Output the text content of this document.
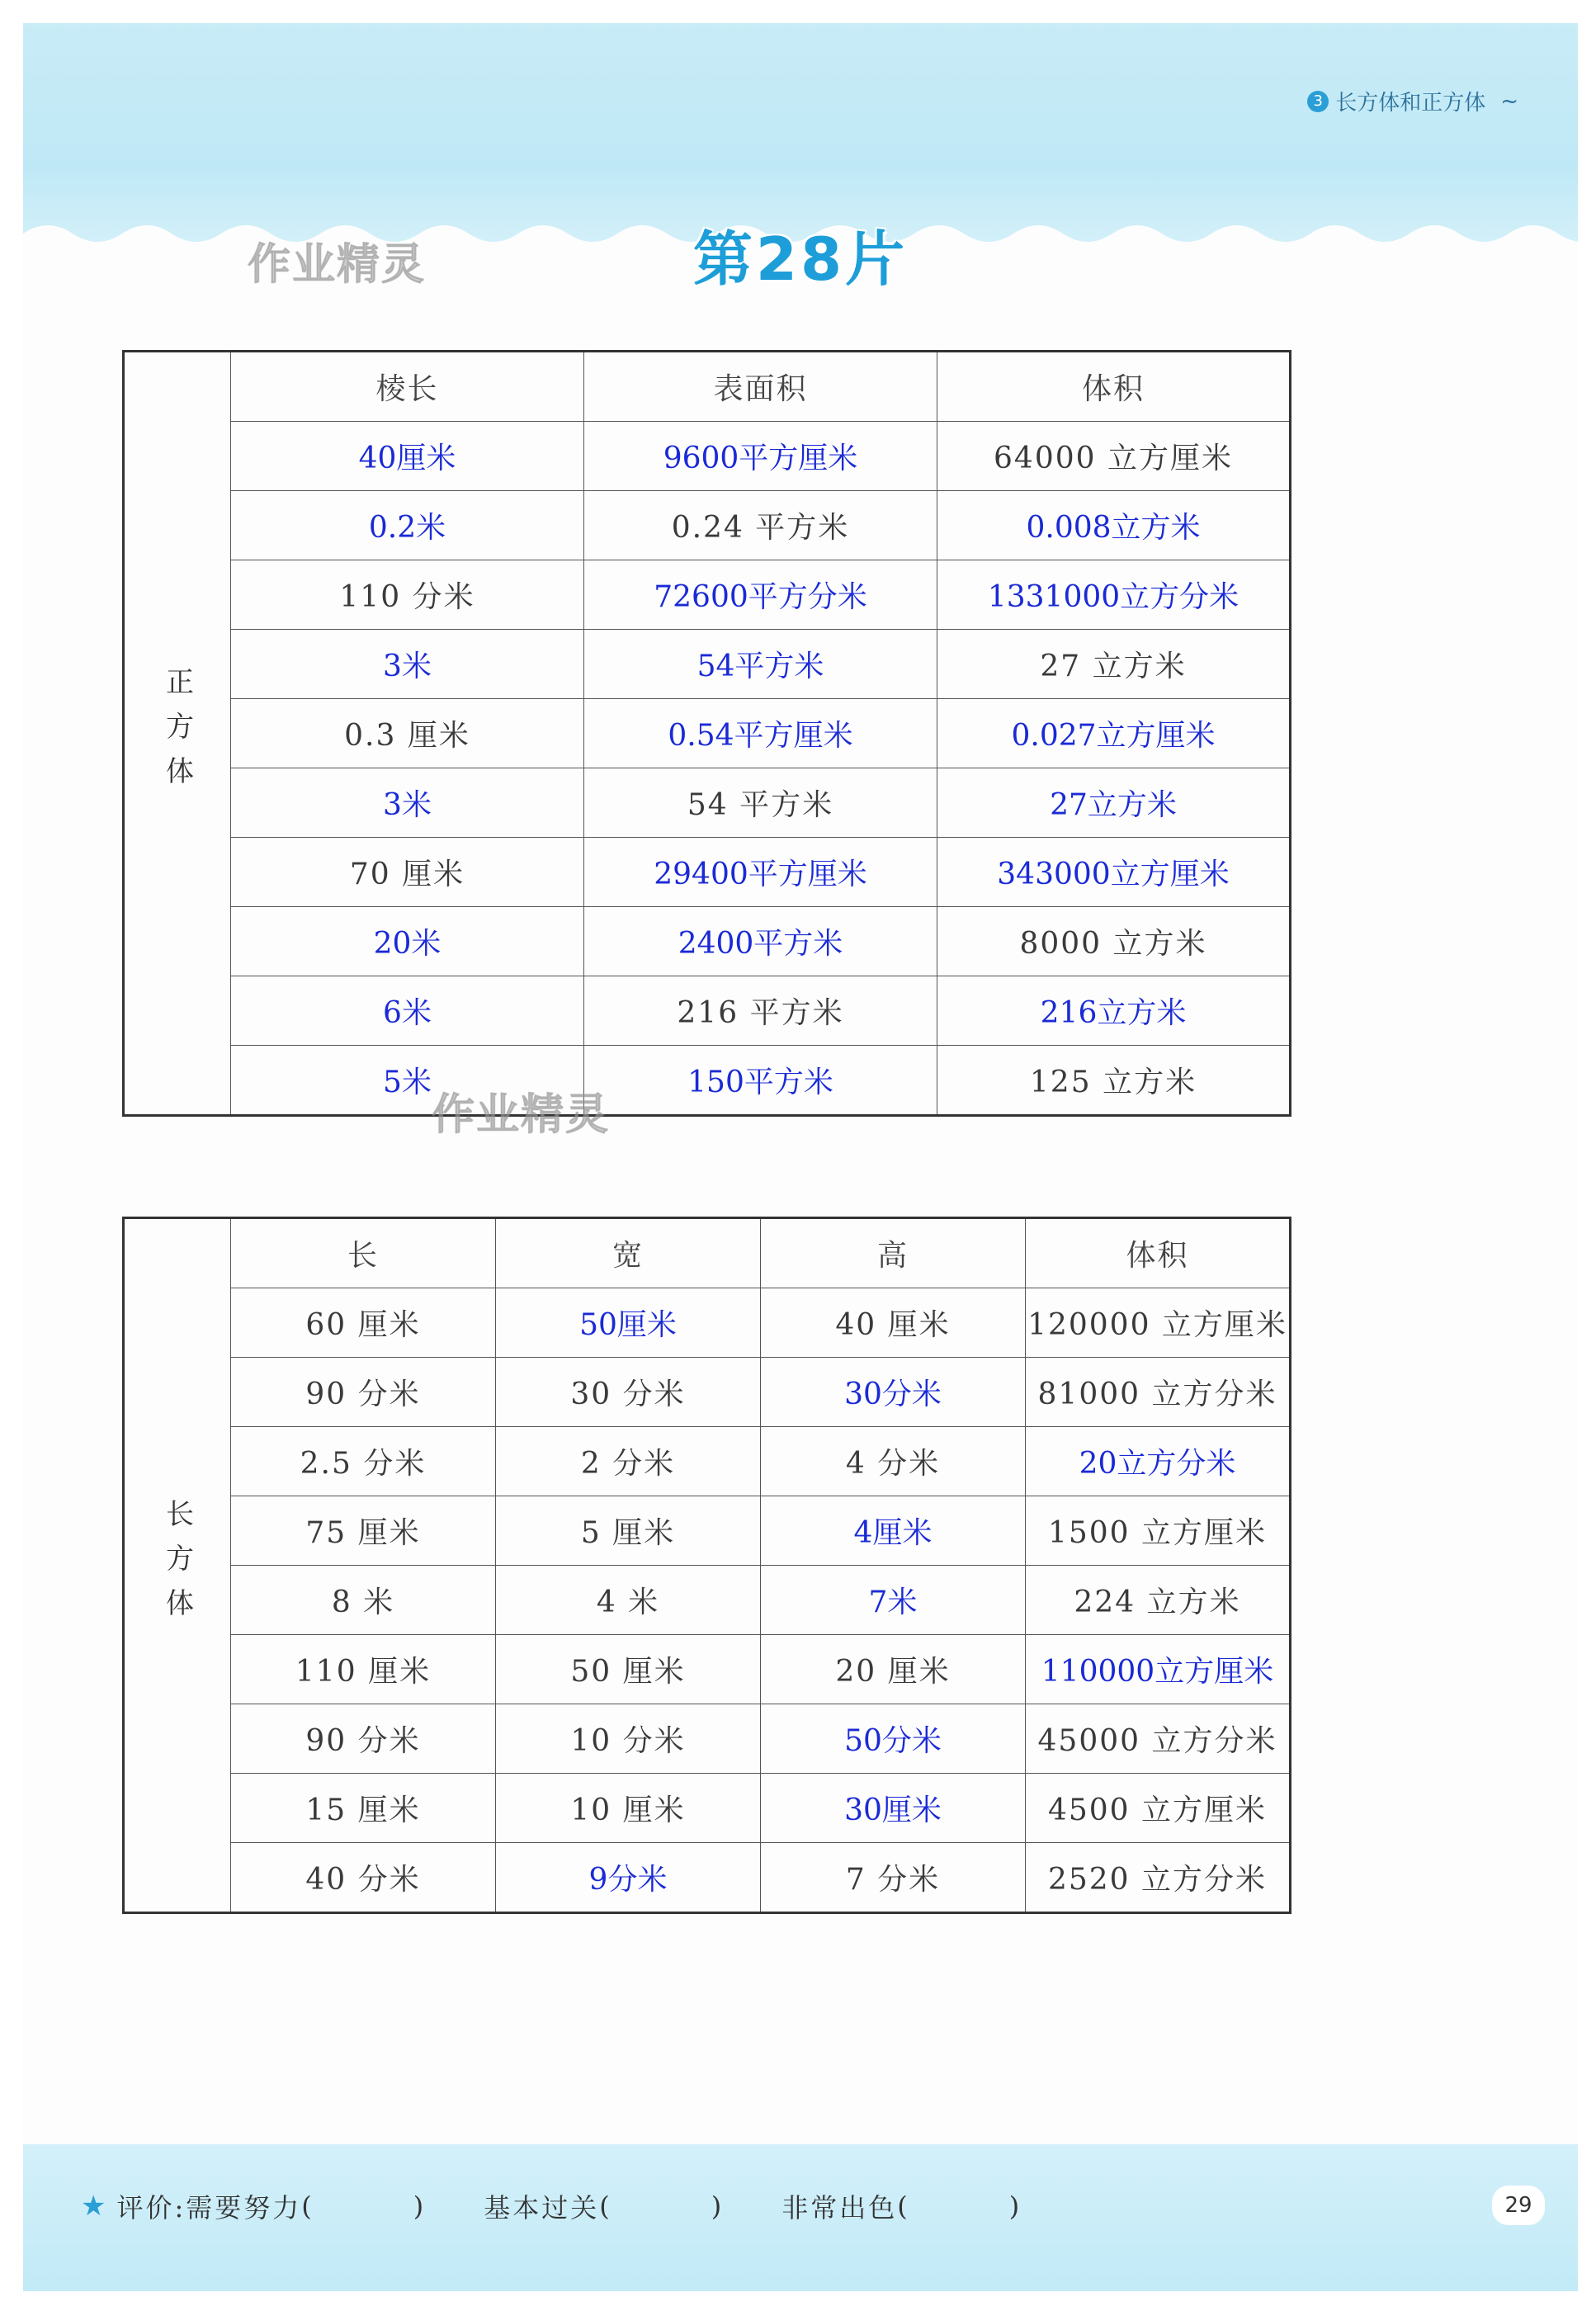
3 长方体和正方体 ~
作业精灵	第28片
正方体	棱长	表面积	体积
	40厘米	9600平方厘米	64000 立方厘米
	0.2米	0.24 平方米	0.008立方米
	110 分米	72600平方分米	1331000立方分米
	3米	54平方米	27 立方米
	0.3 厘米	0.54平方厘米	0.027立方厘米
	3米	54 平方米	27立方米
	70 厘米	29400平方厘米	343000立方厘米
	20米	2400平方米	8000 立方米
	6米	216 平方米	216立方米
	5米	150平方米	125 立方米
作业精灵
长方体	长	宽	高	体积
	60 厘米	50厘米	40 厘米	120000 立方厘米
	90 分米	30 分米	30分米	81000 立方分米
	2.5 分米	2 分米	4 分米	20立方分米
	75 厘米	5 厘米	4厘米	1500 立方厘米
	8 米	4 米	7米	224 立方米
	110 厘米	50 厘米	20 厘米	110000立方厘米
	90 分米	10 分米	50分米	45000 立方分米
	15 厘米	10 厘米	30厘米	4500 立方厘米
	40 分米	9分米	7 分米	2520 立方分米
★ 评价: 需要努力 (	) 基本过关 (	) 非常出色 (	)	29
